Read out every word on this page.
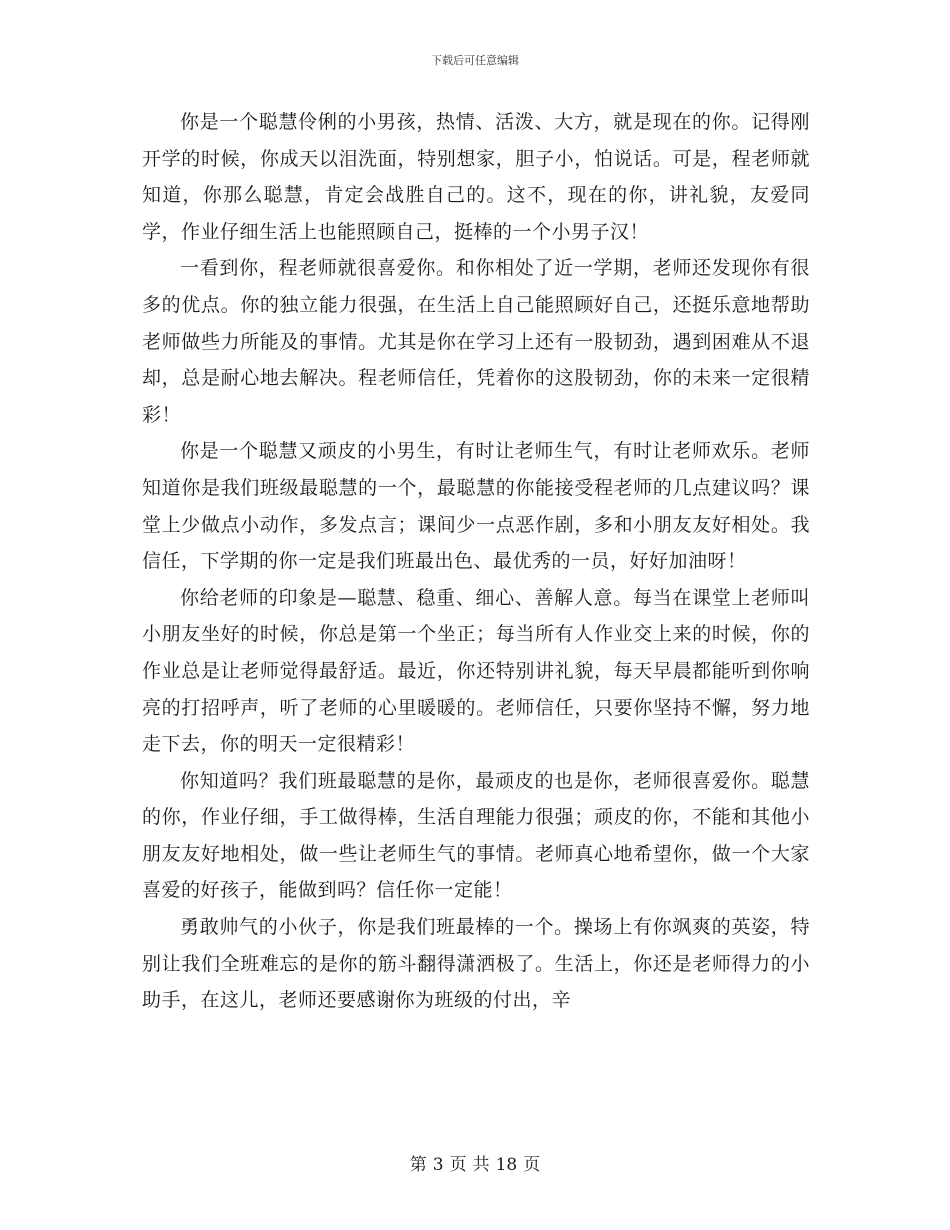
下载后可任意编辑

你是一个聪慧伶俐的小男孩，热情、活泼、大方，就是现在的你。记得刚开学的时候，你成天以泪洗面，特别想家，胆子小，怕说话。可是，程老师就知道，你那么聪慧，肯定会战胜自己的。这不，现在的你，讲礼貌，友爱同学，作业仔细生活上也能照顾自己，挺棒的一个小男子汉！

一看到你，程老师就很喜爱你。和你相处了近一学期，老师还发现你有很多的优点。你的独立能力很强，在生活上自己能照顾好自己，还挺乐意地帮助老师做些力所能及的事情。尤其是你在学习上还有一股韧劲，遇到困难从不退却，总是耐心地去解决。程老师信任，凭着你的这股韧劲，你的未来一定很精彩！

你是一个聪慧又顽皮的小男生，有时让老师生气，有时让老师欢乐。老师知道你是我们班级最聪慧的一个，最聪慧的你能接受程老师的几点建议吗？课堂上少做点小动作，多发点言；课间少一点恶作剧，多和小朋友友好相处。我信任，下学期的你一定是我们班最出色、最优秀的一员，好好加油呀！

你给老师的印象是—聪慧、稳重、细心、善解人意。每当在课堂上老师叫小朋友坐好的时候，你总是第一个坐正；每当所有人作业交上来的时候，你的作业总是让老师觉得最舒适。最近，你还特别讲礼貌，每天早晨都能听到你响亮的打招呼声，听了老师的心里暖暖的。老师信任，只要你坚持不懈，努力地走下去，你的明天一定很精彩！

你知道吗？我们班最聪慧的是你，最顽皮的也是你，老师很喜爱你。聪慧的你，作业仔细，手工做得棒，生活自理能力很强；顽皮的你，不能和其他小朋友友好地相处，做一些让老师生气的事情。老师真心地希望你，做一个大家喜爱的好孩子，能做到吗？信任你一定能！

勇敢帅气的小伙子，你是我们班最棒的一个。操场上有你飒爽的英姿，特别让我们全班难忘的是你的筋斗翻得潇洒极了。生活上，你还是老师得力的小助手，在这儿，老师还要感谢你为班级的付出，辛

第 3 页 共 18 页
